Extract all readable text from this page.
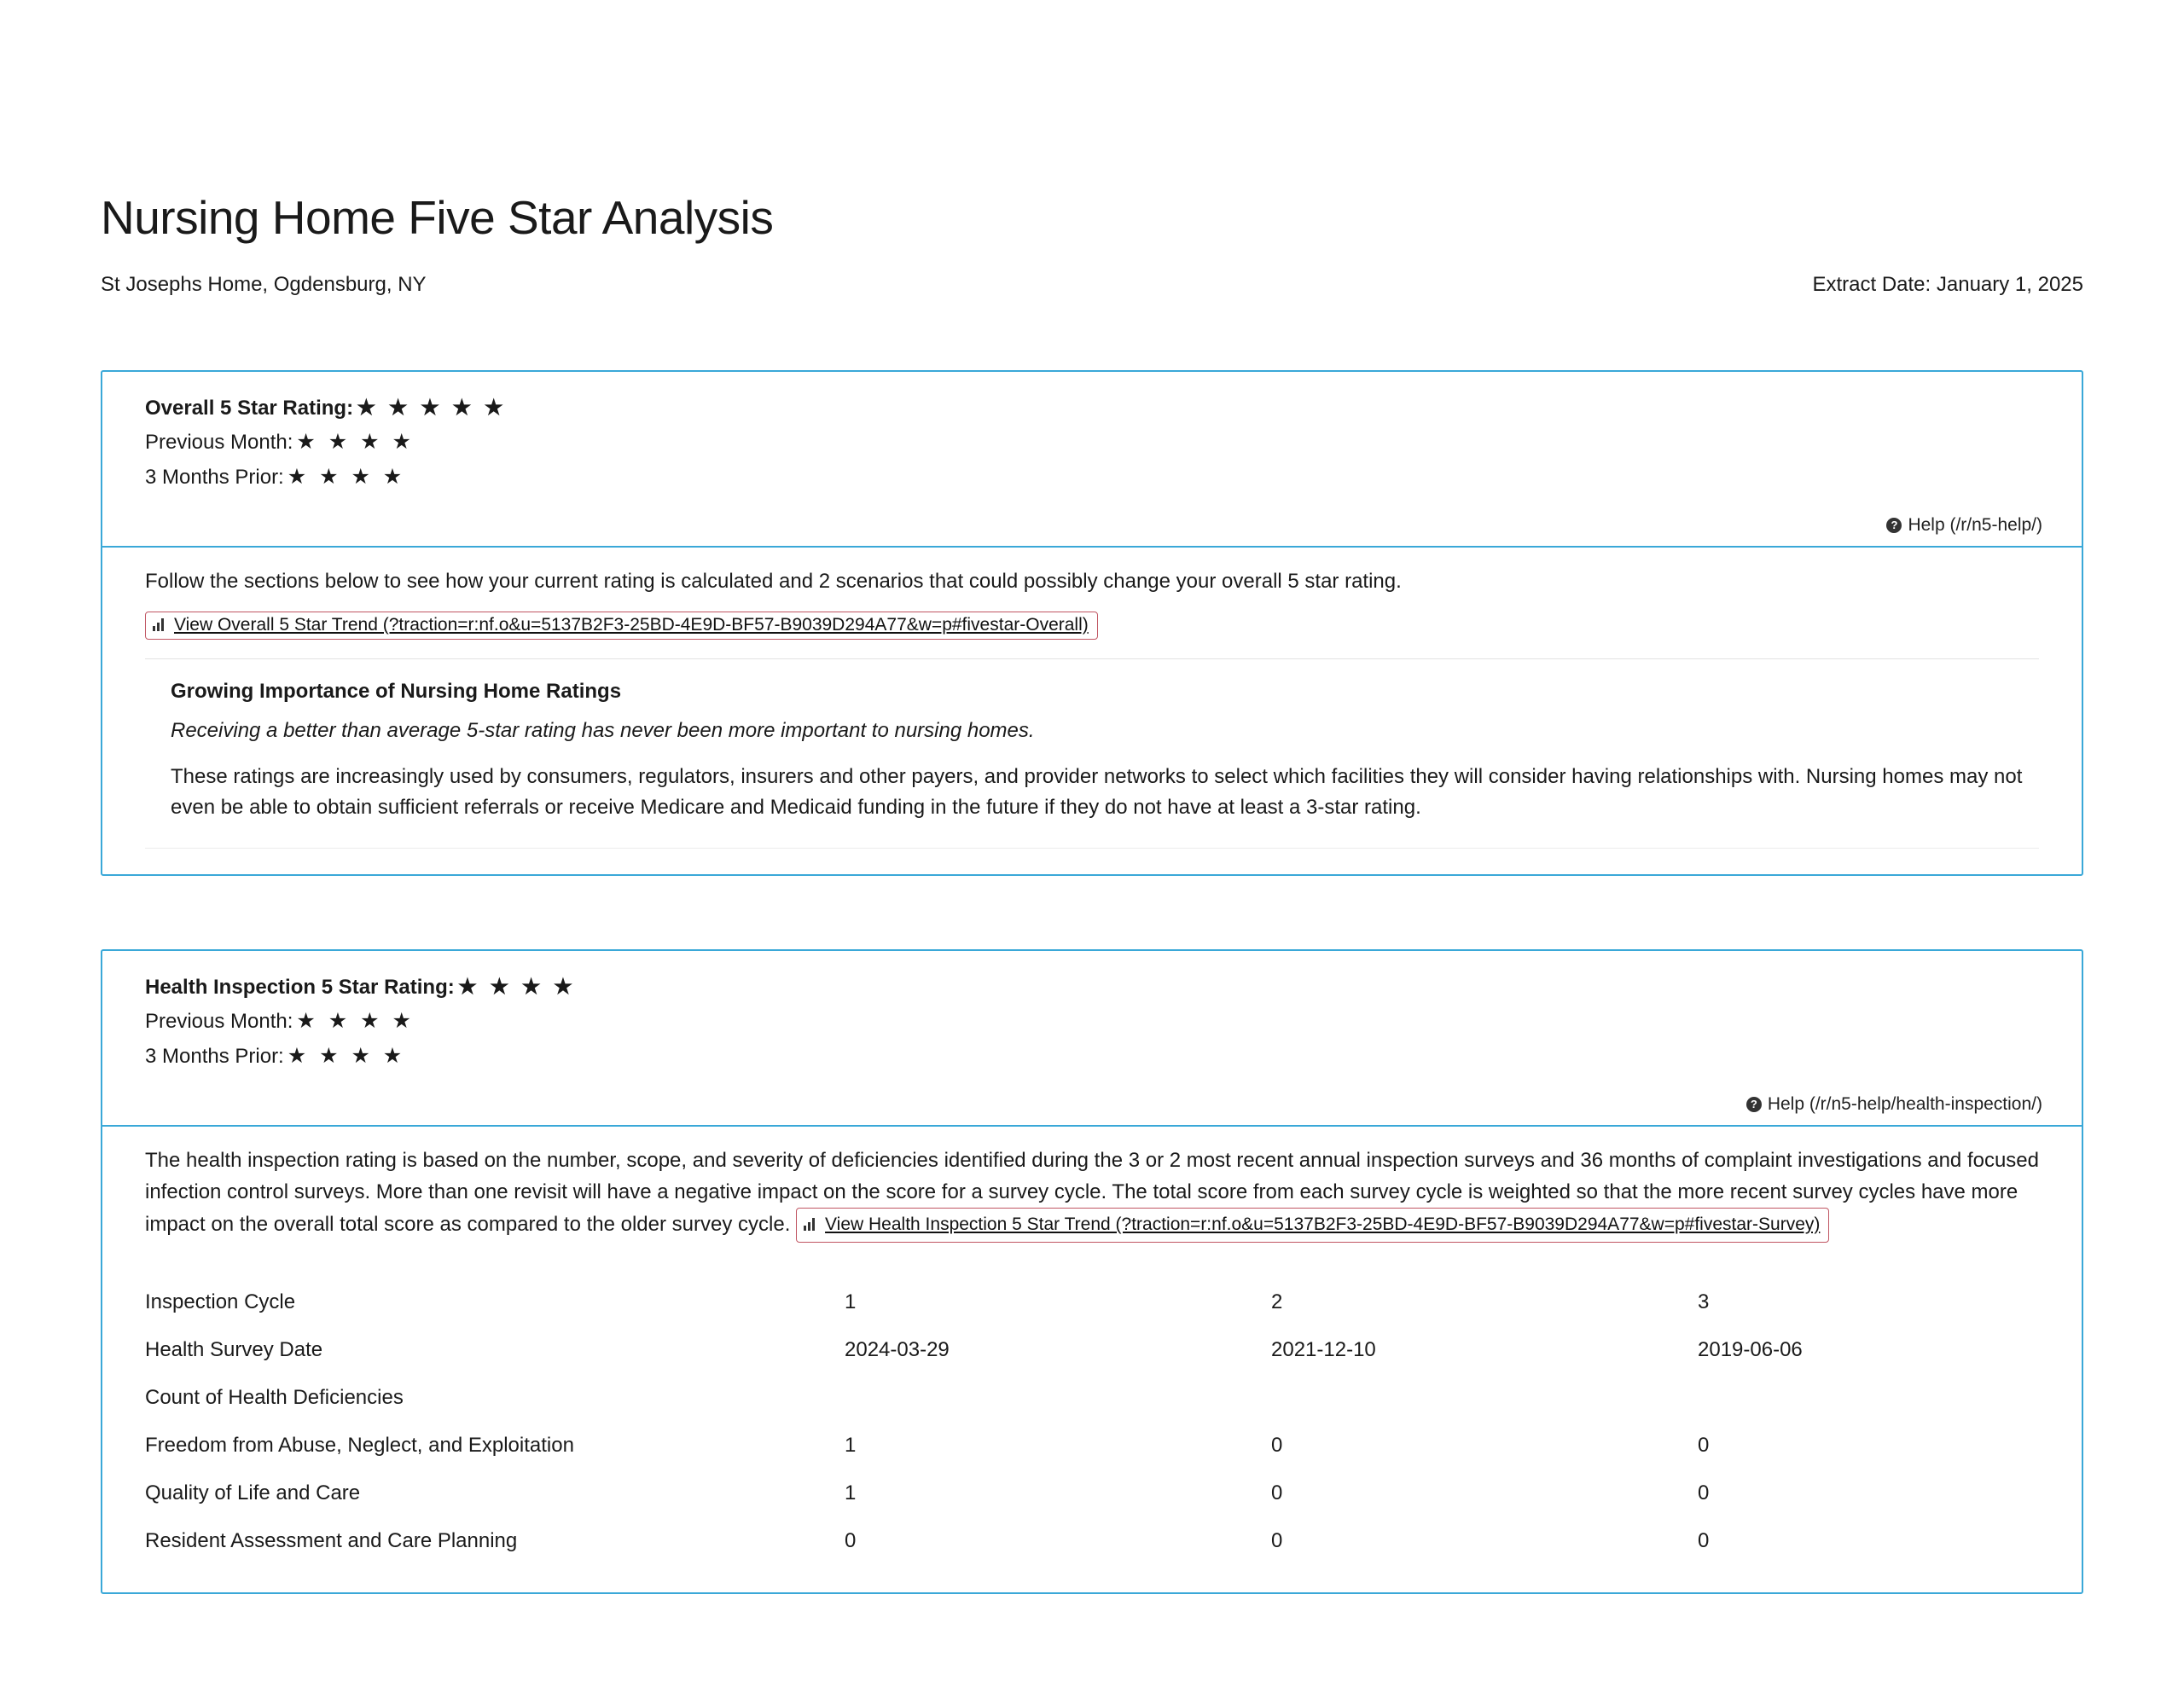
Nursing Home Five Star Analysis
St Josephs Home, Ogdensburg, NY	Extract Date: January 1, 2025
Overall 5 Star Rating: ★ ★ ★ ★ ★
Previous Month: ★ ★ ★ ★
3 Months Prior: ★ ★ ★ ★
? Help (/r/n5-help/)

Follow the sections below to see how your current rating is calculated and 2 scenarios that could possibly change your overall 5 star rating.

View Overall 5 Star Trend (?traction=r:nf.o&u=5137B2F3-25BD-4E9D-BF57-B9039D294A77&w=p#fivestar-Overall)
Growing Importance of Nursing Home Ratings

Receiving a better than average 5-star rating has never been more important to nursing homes.

These ratings are increasingly used by consumers, regulators, insurers and other payers, and provider networks to select which facilities they will consider having relationships with. Nursing homes may not even be able to obtain sufficient referrals or receive Medicare and Medicaid funding in the future if they do not have at least a 3-star rating.

Health Inspection 5 Star Rating: ★ ★ ★ ★
Previous Month: ★ ★ ★ ★
3 Months Prior: ★ ★ ★ ★
? Help (/r/n5-help/health-inspection/)

The health inspection rating is based on the number, scope, and severity of deficiencies identified during the 3 or 2 most recent annual inspection surveys and 36 months of complaint investigations and focused infection control surveys. More than one revisit will have a negative impact on the score for a survey cycle. The total score from each survey cycle is weighted so that the more recent survey cycles have more impact on the overall total score as compared to the older survey cycle. View Health Inspection 5 Star Trend (?traction=r:nf.o&u=5137B2F3-25BD-4E9D-BF57-B9039D294A77&w=p#fivestar-Survey)

Inspection Cycle	1	2	3
Health Survey Date	2024-03-29	2021-12-10	2019-06-06
Count of Health Deficiencies			
Freedom from Abuse, Neglect, and Exploitation	1	0	0
Quality of Life and Care	1	0	0
Resident Assessment and Care Planning	0	0	0
